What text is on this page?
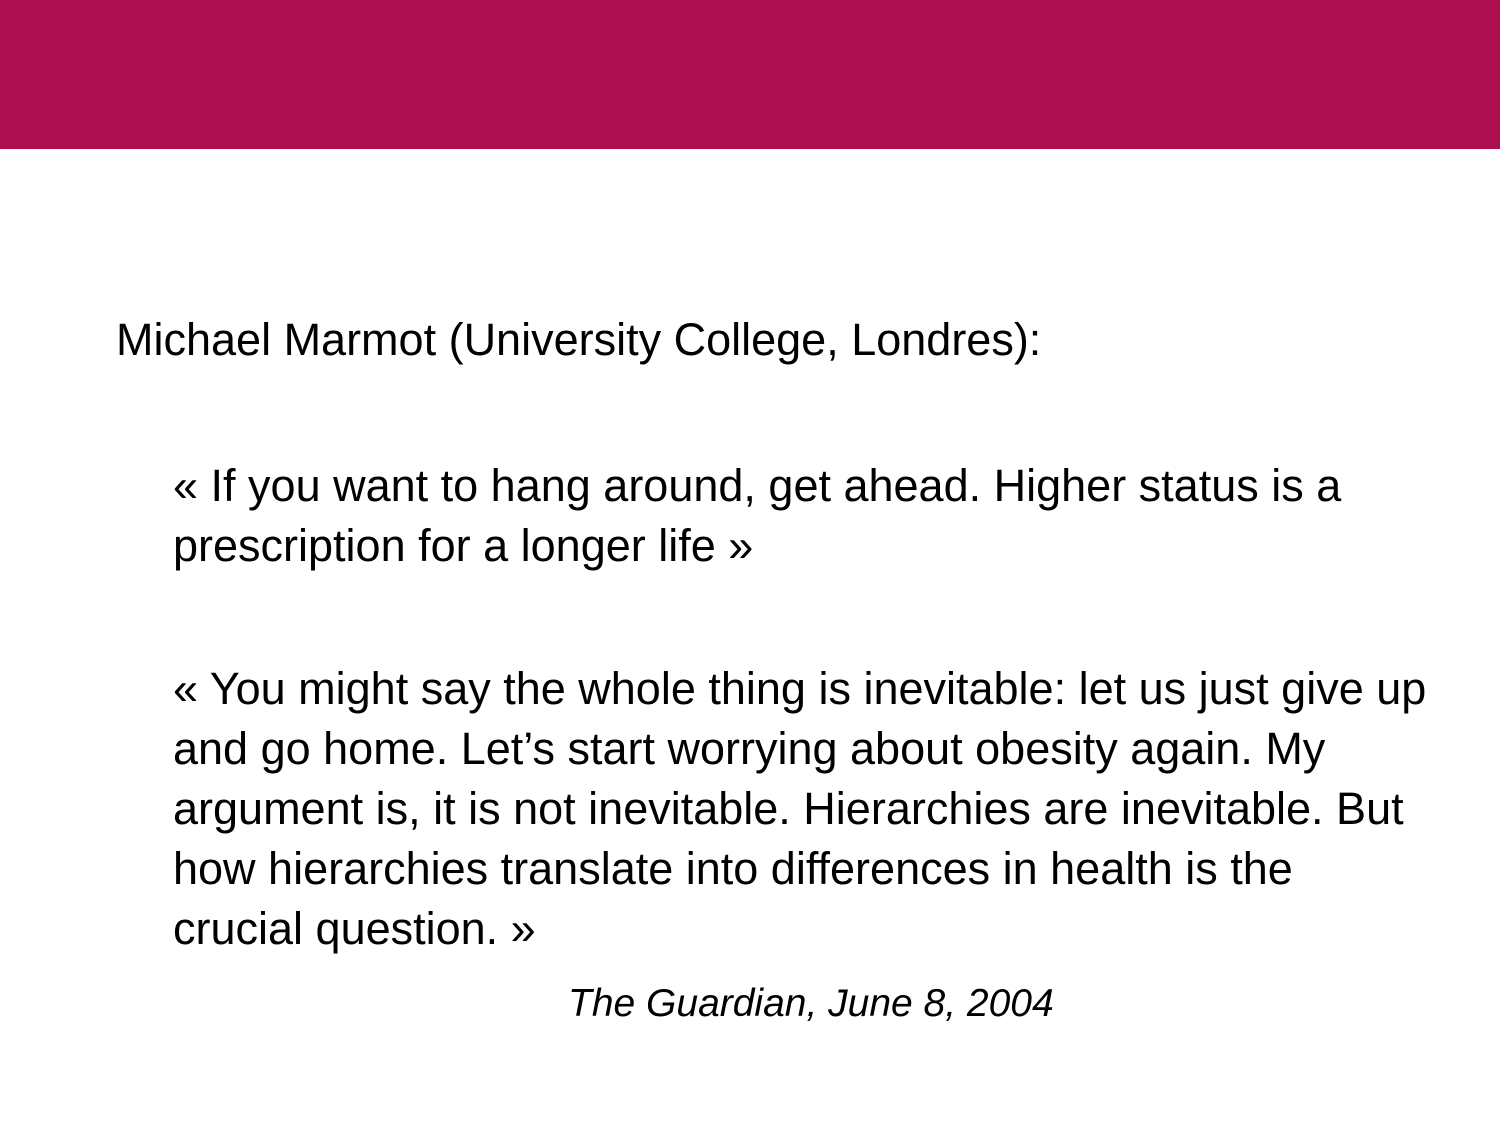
Michael Marmot (University College, Londres):
« If you want to hang around, get ahead. Higher status is a prescription for a longer life »
« You might say the whole thing is inevitable: let us just give up and go home. Let’s start worrying about obesity again. My argument is, it is not inevitable. Hierarchies are inevitable. But how hierarchies translate into differences in health is the crucial question. »
The Guardian, June 8, 2004
